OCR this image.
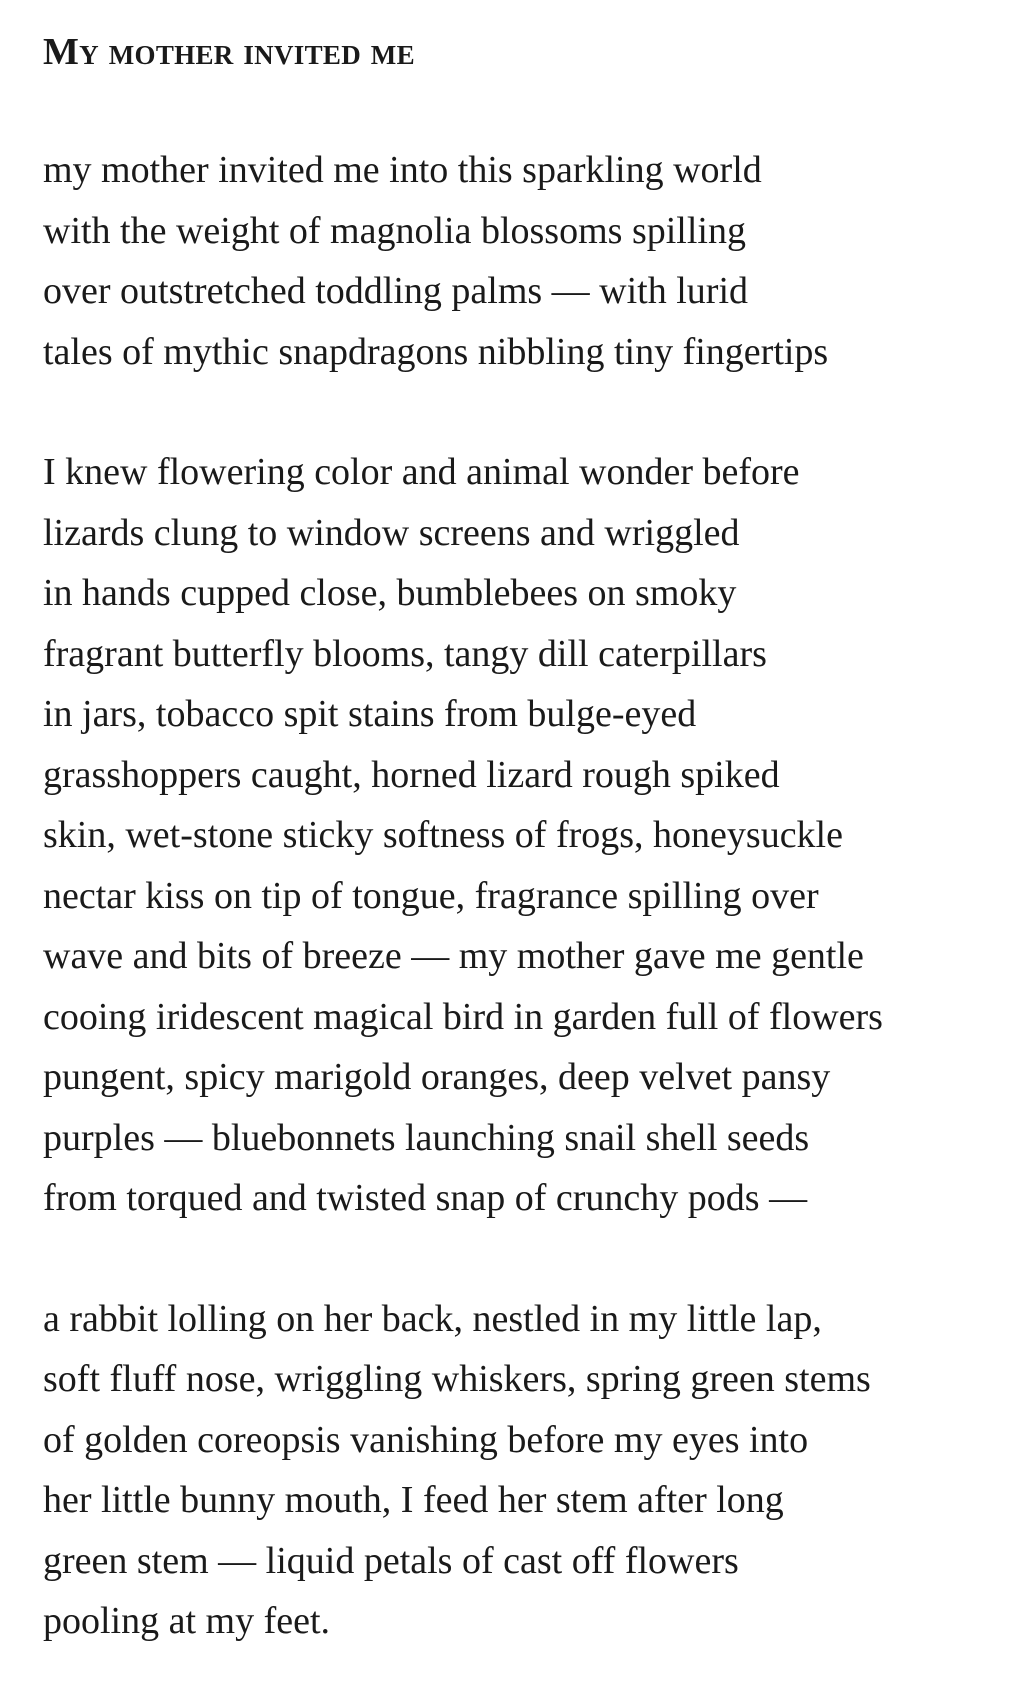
My mother invited me
my mother invited me into this sparkling world
with the weight of magnolia blossoms spilling
over outstretched toddling palms — with lurid
tales of mythic snapdragons nibbling tiny fingertips
I knew flowering color and animal wonder before
lizards clung to window screens and wriggled
in hands cupped close, bumblebees on smoky
fragrant butterfly blooms, tangy dill caterpillars
in jars, tobacco spit stains from bulge-eyed
grasshoppers caught, horned lizard rough spiked
skin, wet-stone sticky softness of frogs, honeysuckle
nectar kiss on tip of tongue, fragrance spilling over
wave and bits of breeze — my mother gave me gentle
cooing iridescent magical bird in garden full of flowers
pungent, spicy marigold oranges, deep velvet pansy
purples — bluebonnets launching snail shell seeds
from torqued and twisted snap of crunchy pods —
a rabbit lolling on her back, nestled in my little lap,
soft fluff nose, wriggling whiskers, spring green stems
of golden coreopsis vanishing before my eyes into
her little bunny mouth, I feed her stem after long
green stem — liquid petals of cast off flowers
pooling at my feet.
